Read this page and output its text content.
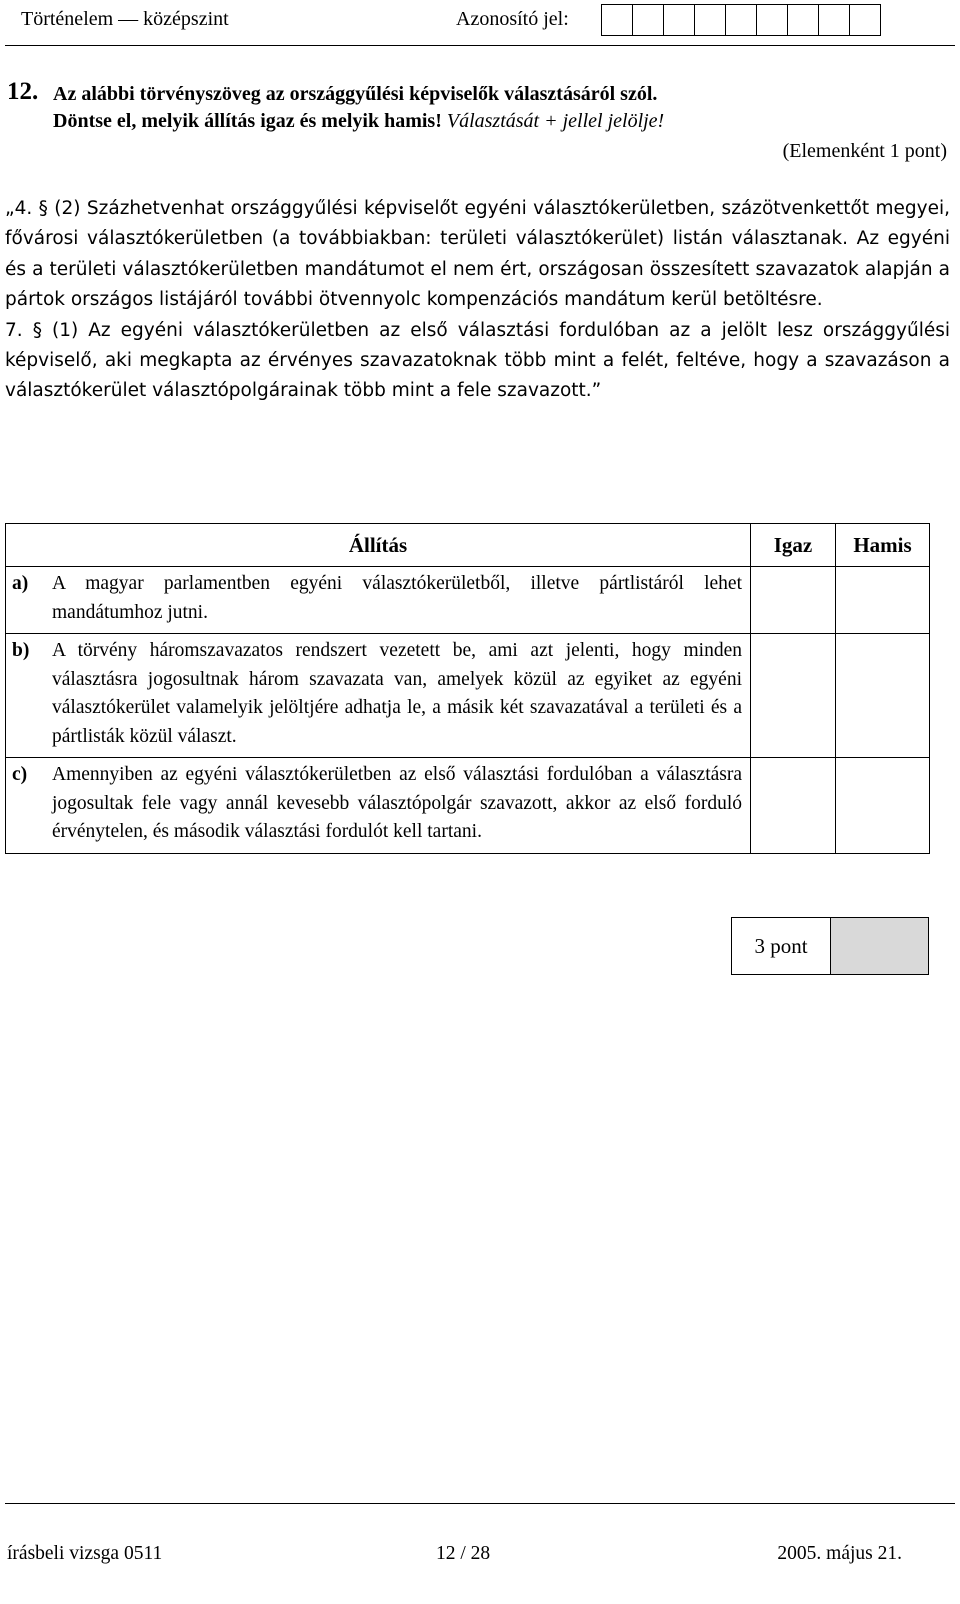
Történelem — középszint	Azonosító jel:
12. Az alábbi törvényszöveg az országgyűlési képviselők választásáról szól.
Döntse el, melyik állítás igaz és melyik hamis! Választását + jellel jelölje!
(Elemenként 1 pont)

„4. § (2) Százhetvenhat országgyűlési képviselőt egyéni választókerületben, százötvenkettőt megyei, fővárosi választókerületben (a továbbiakban: területi választókerület) listán választanak. Az egyéni és a területi választókerületben mandátumot el nem ért, országosan összesített szavazatok alapján a pártok országos listájáról további ötvennyolc kompenzációs mandátum kerül betöltésre.

7. § (1) Az egyéni választókerületben az első választási fordulóban az a jelölt lesz országgyűlési képviselő, aki megkapta az érvényes szavazatoknak több mint a felét, feltéve, hogy a szavazáson a választókerület választópolgárainak több mint a fele szavazott.”

Állítás	Igaz	Hamis

a) A magyar parlamentben egyéni választókerületből, illetve pártlistáról lehet mandátumhoz jutni.		

b) A törvény háromszavazatos rendszert vezetett be, ami azt jelenti, hogy minden választásra jogosultnak három szavazata van, amelyek közül az egyiket az egyéni választókerület valamelyik jelöltjére adhatja le, a másik két szavazatával a területi és a pártlisták közül választ.		

c) Amennyiben az egyéni választókerületben az első választási fordulóban a választásra jogosultak fele vagy annál kevesebb választópolgár szavazott, akkor az első forduló érvénytelen, és második választási fordulót kell tartani.		

3 pont
írásbeli vizsga 0511	12 / 28	2005. május 21.
